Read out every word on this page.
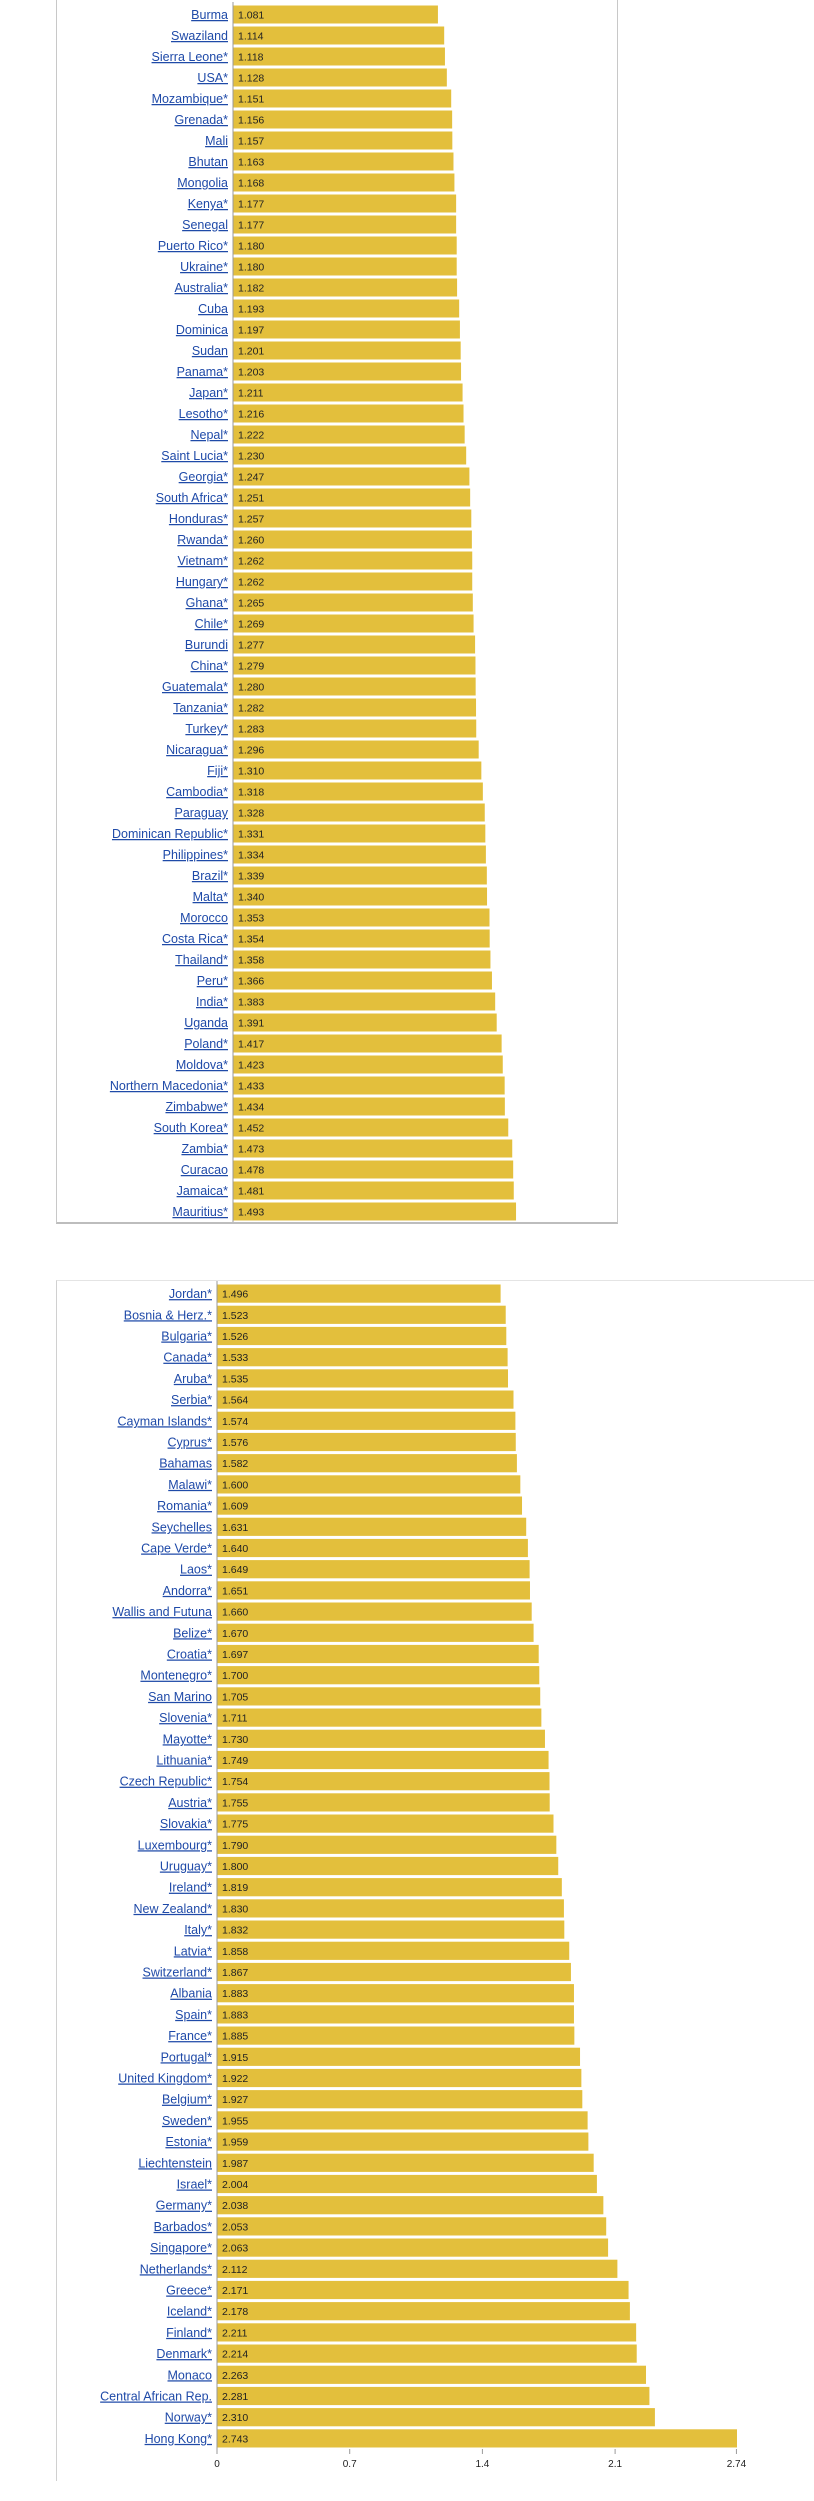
Burma 1.081
Swaziland 1.114
Sierra Leone* 1.118
USA* 1.128
Mozambique* 1.151
Grenada* 1.156
Mali 1.157
Bhutan 1.163
Mongolia 1.168
Kenya* 1.177
Senegal 1.177
Puerto Rico* 1.180
Ukraine* 1.180
Australia* 1.182
Cuba 1.193
Dominica 1.197
Sudan 1.201
Panama* 1.203
Japan* 1.211
Lesotho* 1.216
Nepal* 1.222
Saint Lucia* 1.230
Georgia* 1.247
South Africa* 1.251
Honduras* 1.257
Rwanda* 1.260
Vietnam* 1.262
Hungary* 1.262
Ghana* 1.265
Chile* 1.269
Burundi 1.277
China* 1.279
Guatemala* 1.280
Tanzania* 1.282
Turkey* 1.283
Nicaragua* 1.296
Fiji* 1.310
Cambodia* 1.318
Paraguay 1.328
Dominican Republic* 1.331
Philippines* 1.334
Brazil* 1.339
Malta* 1.340
Morocco 1.353
Costa Rica* 1.354
Thailand* 1.358
Peru* 1.366
India* 1.383
Uganda 1.391
Poland* 1.417
Moldova* 1.423
Northern Macedonia* 1.433
Zimbabwe* 1.434
South Korea* 1.452
Zambia* 1.473
Curacao 1.478
Jamaica* 1.481
Mauritius* 1.493
Jordan* 1.496
Bosnia & Herz.* 1.523
Bulgaria* 1.526
Canada* 1.533
Aruba* 1.535
Serbia* 1.564
Cayman Islands* 1.574
Cyprus* 1.576
Bahamas 1.582
Malawi* 1.600
Romania* 1.609
Seychelles 1.631
Cape Verde* 1.640
Laos* 1.649
Andorra* 1.651
Wallis and Futuna 1.660
Belize* 1.670
Croatia* 1.697
Montenegro* 1.700
San Marino 1.705
Slovenia* 1.711
Mayotte* 1.730
Lithuania* 1.749
Czech Republic* 1.754
Austria* 1.755
Slovakia* 1.775
Luxembourg* 1.790
Uruguay* 1.800
Ireland* 1.819
New Zealand* 1.830
Italy* 1.832
Latvia* 1.858
Switzerland* 1.867
Albania 1.883
Spain* 1.883
France* 1.885
Portugal* 1.915
United Kingdom* 1.922
Belgium* 1.927
Sweden* 1.955
Estonia* 1.959
Liechtenstein 1.987
Israel* 2.004
Germany* 2.038
Barbados* 2.053
Singapore* 2.063
Netherlands* 2.112
Greece* 2.171
Iceland* 2.178
Finland* 2.211
Denmark* 2.214
Monaco 2.263
Central African Rep. 2.281
Norway* 2.310
Hong Kong* 2.743
0	0.7	1.4	2.1	2.74
